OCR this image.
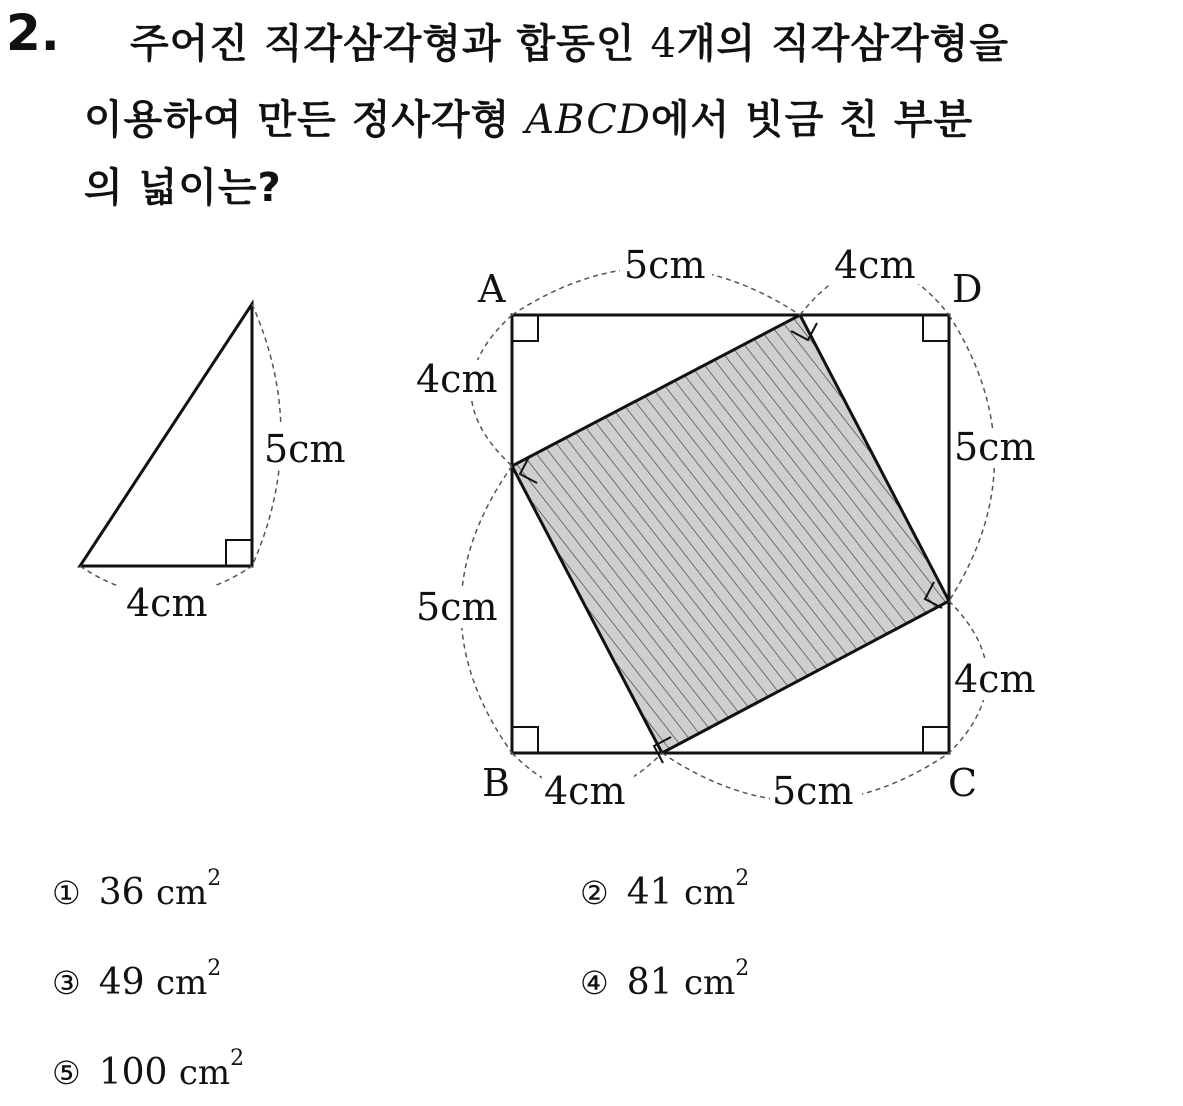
2. 주어진 직각삼각형과 합동인 4개의 직각삼각형을
이용하여 만든 정사각형 ABCD에서 빗금 친 부분
의 넓이는?
5cm
4cm
A	D
B	C
5cm	4cm
4cm
5cm
5cm
4cm
4cm	5cm
① 36 $cm^2$	② 41 $cm^2$
③ 49 $cm^2$	④ 81 $cm^2$
⑤ 100 $cm^2$
